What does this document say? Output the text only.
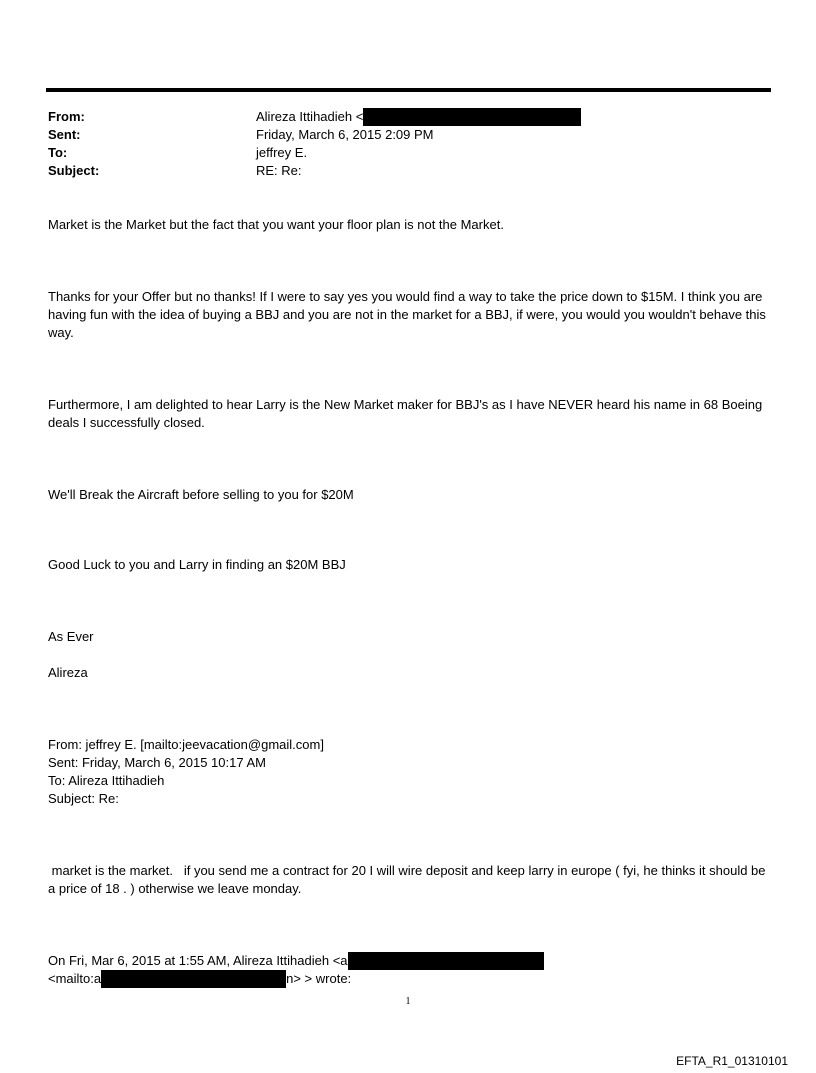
From:	Alireza Ittihadieh <
Sent:	Friday, March 6, 2015 2:09 PM
To:	jeffrey E.
Subject:	RE: Re:
Market is the Market but the fact that you want your floor plan is not the Market.
Thanks for your Offer but no thanks! If I were to say yes you would find a way to take the price down to $15M. I think you are having fun with the idea of buying a BBJ and you are not in the market for a BBJ, if were, you would you wouldn't behave this way.
Furthermore, I am delighted to hear Larry is the New Market maker for BBJ's as I have NEVER heard his name in 68 Boeing deals I successfully closed.
We'll Break the Aircraft before selling to you for $20M
Good Luck to you and Larry in finding an $20M BBJ
As Ever
Alireza
From: jeffrey E. [mailto:jeevacation@gmail.com]
Sent: Friday, March 6, 2015 10:17 AM
To: Alireza Ittihadieh
Subject: Re:
market is the market.   if you send me a contract for 20 I will wire deposit and keep larry in europe ( fyi, he thinks it should be a price of 18 . ) otherwise we leave monday.
On Fri, Mar 6, 2015 at 1:55 AM, Alireza Ittihadieh <a
<mailto:a	n> > wrote:
1
EFTA_R1_01310101
